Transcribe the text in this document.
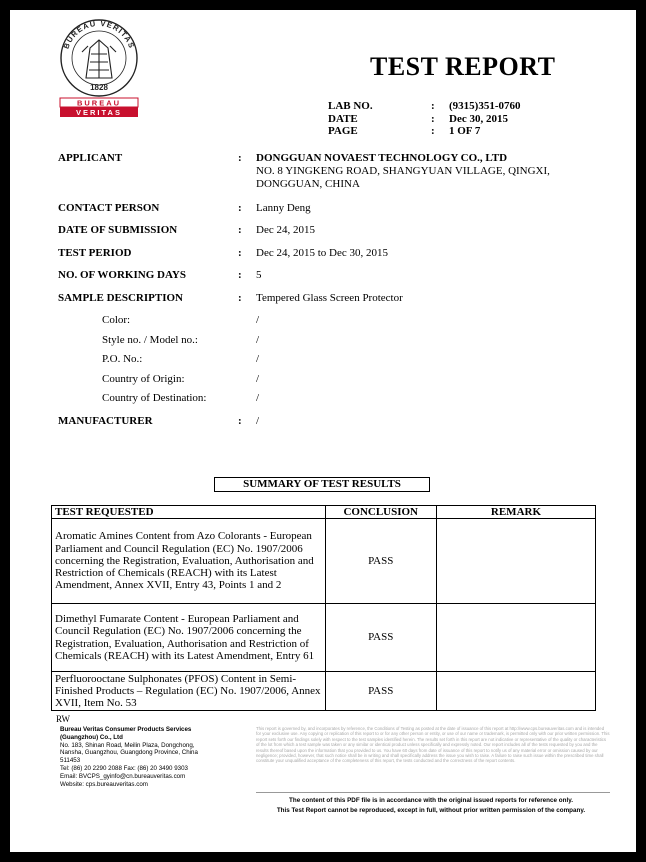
BUREAU VERITAS
1828
BUREAU
VERITAS
TEST REPORT
LAB NO.	:	(9315)351-0760
DATE	:	Dec 30, 2015
PAGE	:	1 OF 7
APPLICANT	: DONGGUAN NOVAEST TECHNOLOGY CO., LTD
NO. 8 YINGKENG ROAD, SHANGYUAN VILLAGE, QINGXI,
DONGGUAN, CHINA
CONTACT PERSON	: Lanny Deng
DATE OF SUBMISSION	: Dec 24, 2015
TEST PERIOD	: Dec 24, 2015 to Dec 30, 2015
NO. OF WORKING DAYS	: 5
SAMPLE DESCRIPTION	: Tempered Glass Screen Protector
Color:	/
Style no. / Model no.:	/
P.O. No.:	/
Country of Origin:	/
Country of Destination:	/
MANUFACTURER	: /
SUMMARY OF TEST RESULTS
TEST REQUESTED	CONCLUSION	REMARK
Aromatic Amines Content from Azo Colorants - European Parliament and Council Regulation (EC) No. 1907/2006 concerning the Registration, Evaluation, Authorisation and Restriction of Chemicals (REACH) with its Latest Amendment, Annex XVII, Entry 43, Points 1 and 2	PASS	
Dimethyl Fumarate Content - European Parliament and Council Regulation (EC) No. 1907/2006 concerning the Registration, Evaluation, Authorisation and Restriction of Chemicals (REACH) with its Latest Amendment, Entry 61	PASS	
Perfluorooctane Sulphonates (PFOS) Content in Semi-Finished Products – Regulation (EC) No. 1907/2006, Annex XVII, Item No. 53	PASS	
RW
Bureau Veritas Consumer Products Services
(Guangzhou) Co., Ltd
No. 183, Shinan Road, Meilin Plaza, Dongchong,
Nansha, Guangzhou, Guangdong Province, China
511453
Tel: (86) 20 2290 2088 Fax: (86) 20 3490 9303
Email: BVCPS_gyinfo@cn.bureauveritas.com
Website: cps.bureauveritas.com
This report is governed by, and incorporates by reference, the Conditions of Testing as posted at the date of issuance of this report at http://www.cps.bureauveritas.com and is intended for your exclusive use. Any copying or replication of this report to or for any other person or entity, or use of our name or trademark, is permitted only with our prior written permission. This report sets forth our findings solely with respect to the test samples identified herein. The results set forth in this report are not indicative or representative of the quality or characteristics of the lot from which a test sample was taken or any similar or identical product unless specifically and expressly noted. Our report includes all of the tests requested by you and the results thereof based upon the information that you provided to us. You have 60 days from date of issuance of this report to notify us of any material error or omission caused by our negligence; provided, however, that such notice shall be in writing and shall specifically address the issue you wish to raise. A failure to raise such issue within the prescribed time shall constitute your unqualified acceptance of the completeness of this report, the tests conducted and the correctness of the report contents.
The content of this PDF file is in accordance with the original issued reports for reference only.
This Test Report cannot be reproduced, except in full, without prior written permission of the company.
